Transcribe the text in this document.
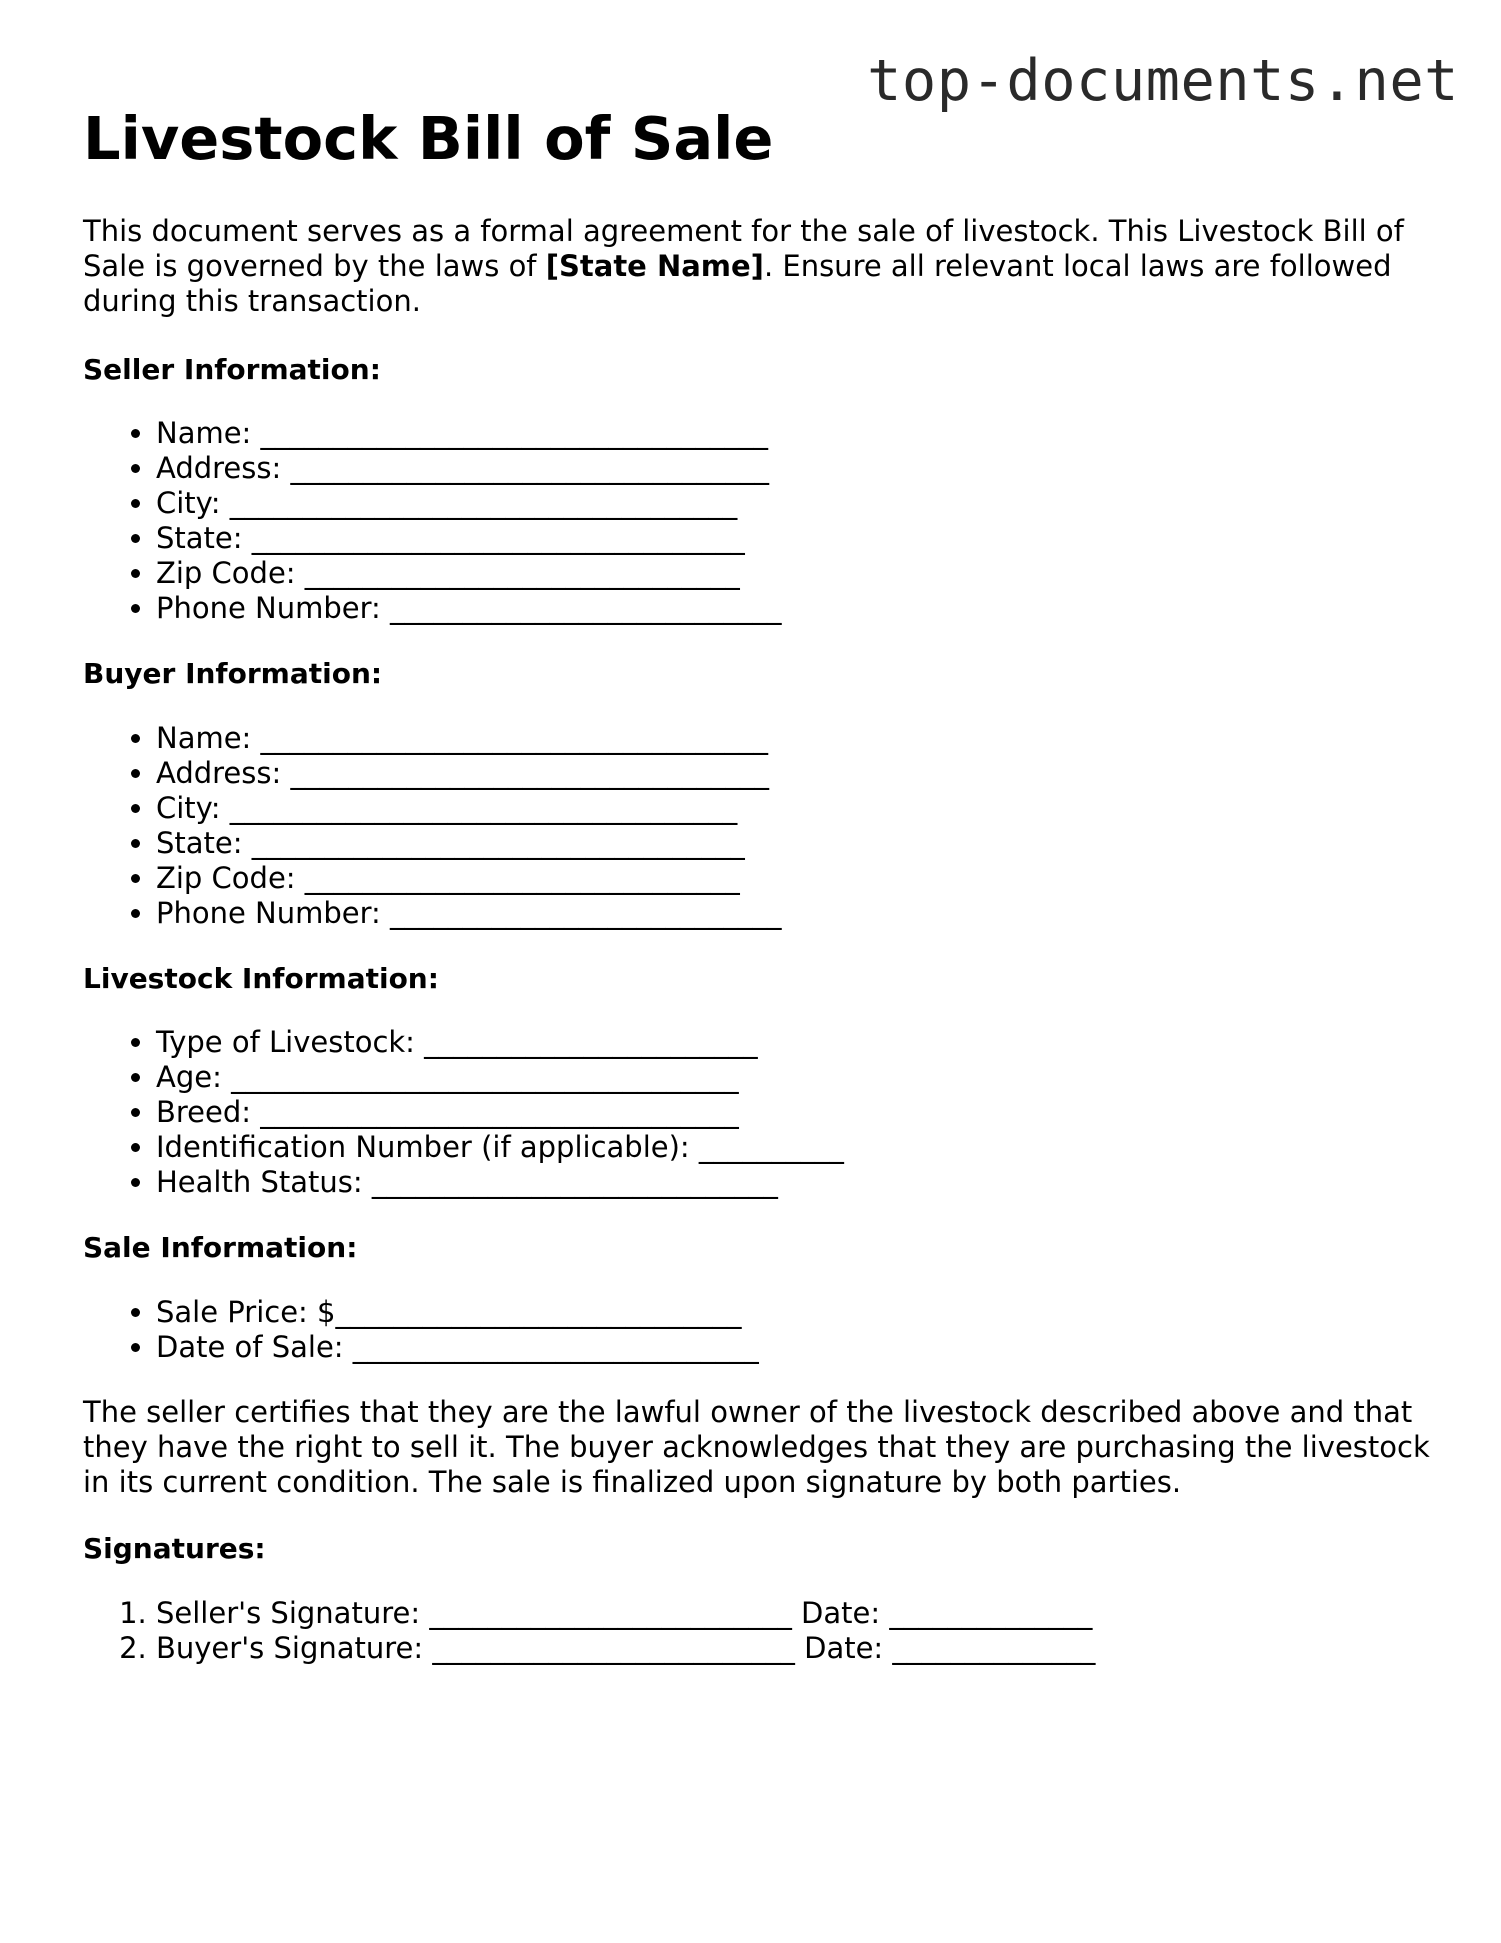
top-documents.net
Livestock Bill of Sale

This document serves as a formal agreement for the sale of livestock. This Livestock Bill of Sale is governed by the laws of [State Name]. Ensure all relevant local laws are followed during this transaction.

Seller Information:
• Name: ___________________________________
• Address: _________________________________
• City: ___________________________________
• State: __________________________________
• Zip Code: ______________________________
• Phone Number: ___________________________
Buyer Information:
• Name: ___________________________________
• Address: _________________________________
• City: ___________________________________
• State: __________________________________
• Zip Code: ______________________________
• Phone Number: ___________________________
Livestock Information:
• Type of Livestock: _______________________
• Age: ___________________________________
• Breed: _________________________________
• Identification Number (if applicable): __________
• Health Status: ____________________________
Sale Information:
• Sale Price: $____________________________
• Date of Sale: ____________________________

The seller certifies that they are the lawful owner of the livestock described above and that they have the right to sell it. The buyer acknowledges that they are purchasing the livestock in its current condition. The sale is finalized upon signature by both parties.

Signatures:
1. Seller's Signature: _________________________ Date: ______________
2. Buyer's Signature: _________________________ Date: ______________
